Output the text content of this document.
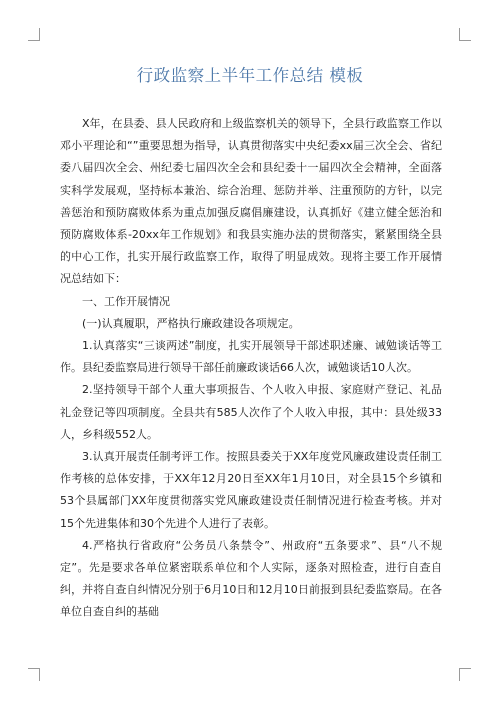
行政监察上半年工作总结 模板

X年，在县委、县人民政府和上级监察机关的领导下，全县行政监察工作以邓小平理论和“”重要思想为指导，认真贯彻落实中央纪委xx届三次全会、省纪委八届四次全会、州纪委七届四次全会和县纪委十一届四次全会精神，全面落实科学发展观，坚持标本兼治、综合治理、惩防并举、注重预防的方针，以完善惩治和预防腐败体系为重点加强反腐倡廉建设，认真抓好《建立健全惩治和预防腐败体系-20xx年工作规划》和我县实施办法的贯彻落实，紧紧围绕全县的中心工作，扎实开展行政监察工作，取得了明显成效。现将主要工作开展情况总结如下：

一、工作开展情况

(一)认真履职，严格执行廉政建设各项规定。

1.认真落实“三谈两述”制度，扎实开展领导干部述职述廉、诫勉谈话等工作。县纪委监察局进行领导干部任前廉政谈话66人次，诫勉谈话10人次。

2.坚持领导干部个人重大事项报告、个人收入申报、家庭财产登记、礼品礼金登记等四项制度。全县共有585人次作了个人收入申报，其中：县处级33人，乡科级552人。

3.认真开展责任制考评工作。按照县委关于XX年度党风廉政建设责任制工作考核的总体安排，于XX年12月20日至XX年1月10日，对全县15个乡镇和53个县属部门XX年度贯彻落实党风廉政建设责任制情况进行检查考核。并对15个先进集体和30个先进个人进行了表彰。

4.严格执行省政府“公务员八条禁令”、州政府“五条要求”、县“八不规定”。先是要求各单位紧密联系单位和个人实际，逐条对照检查，进行自查自纠，并将自查自纠情况分别于6月10日和12月10日前报到县纪委监察局。在各单位自查自纠的基础
